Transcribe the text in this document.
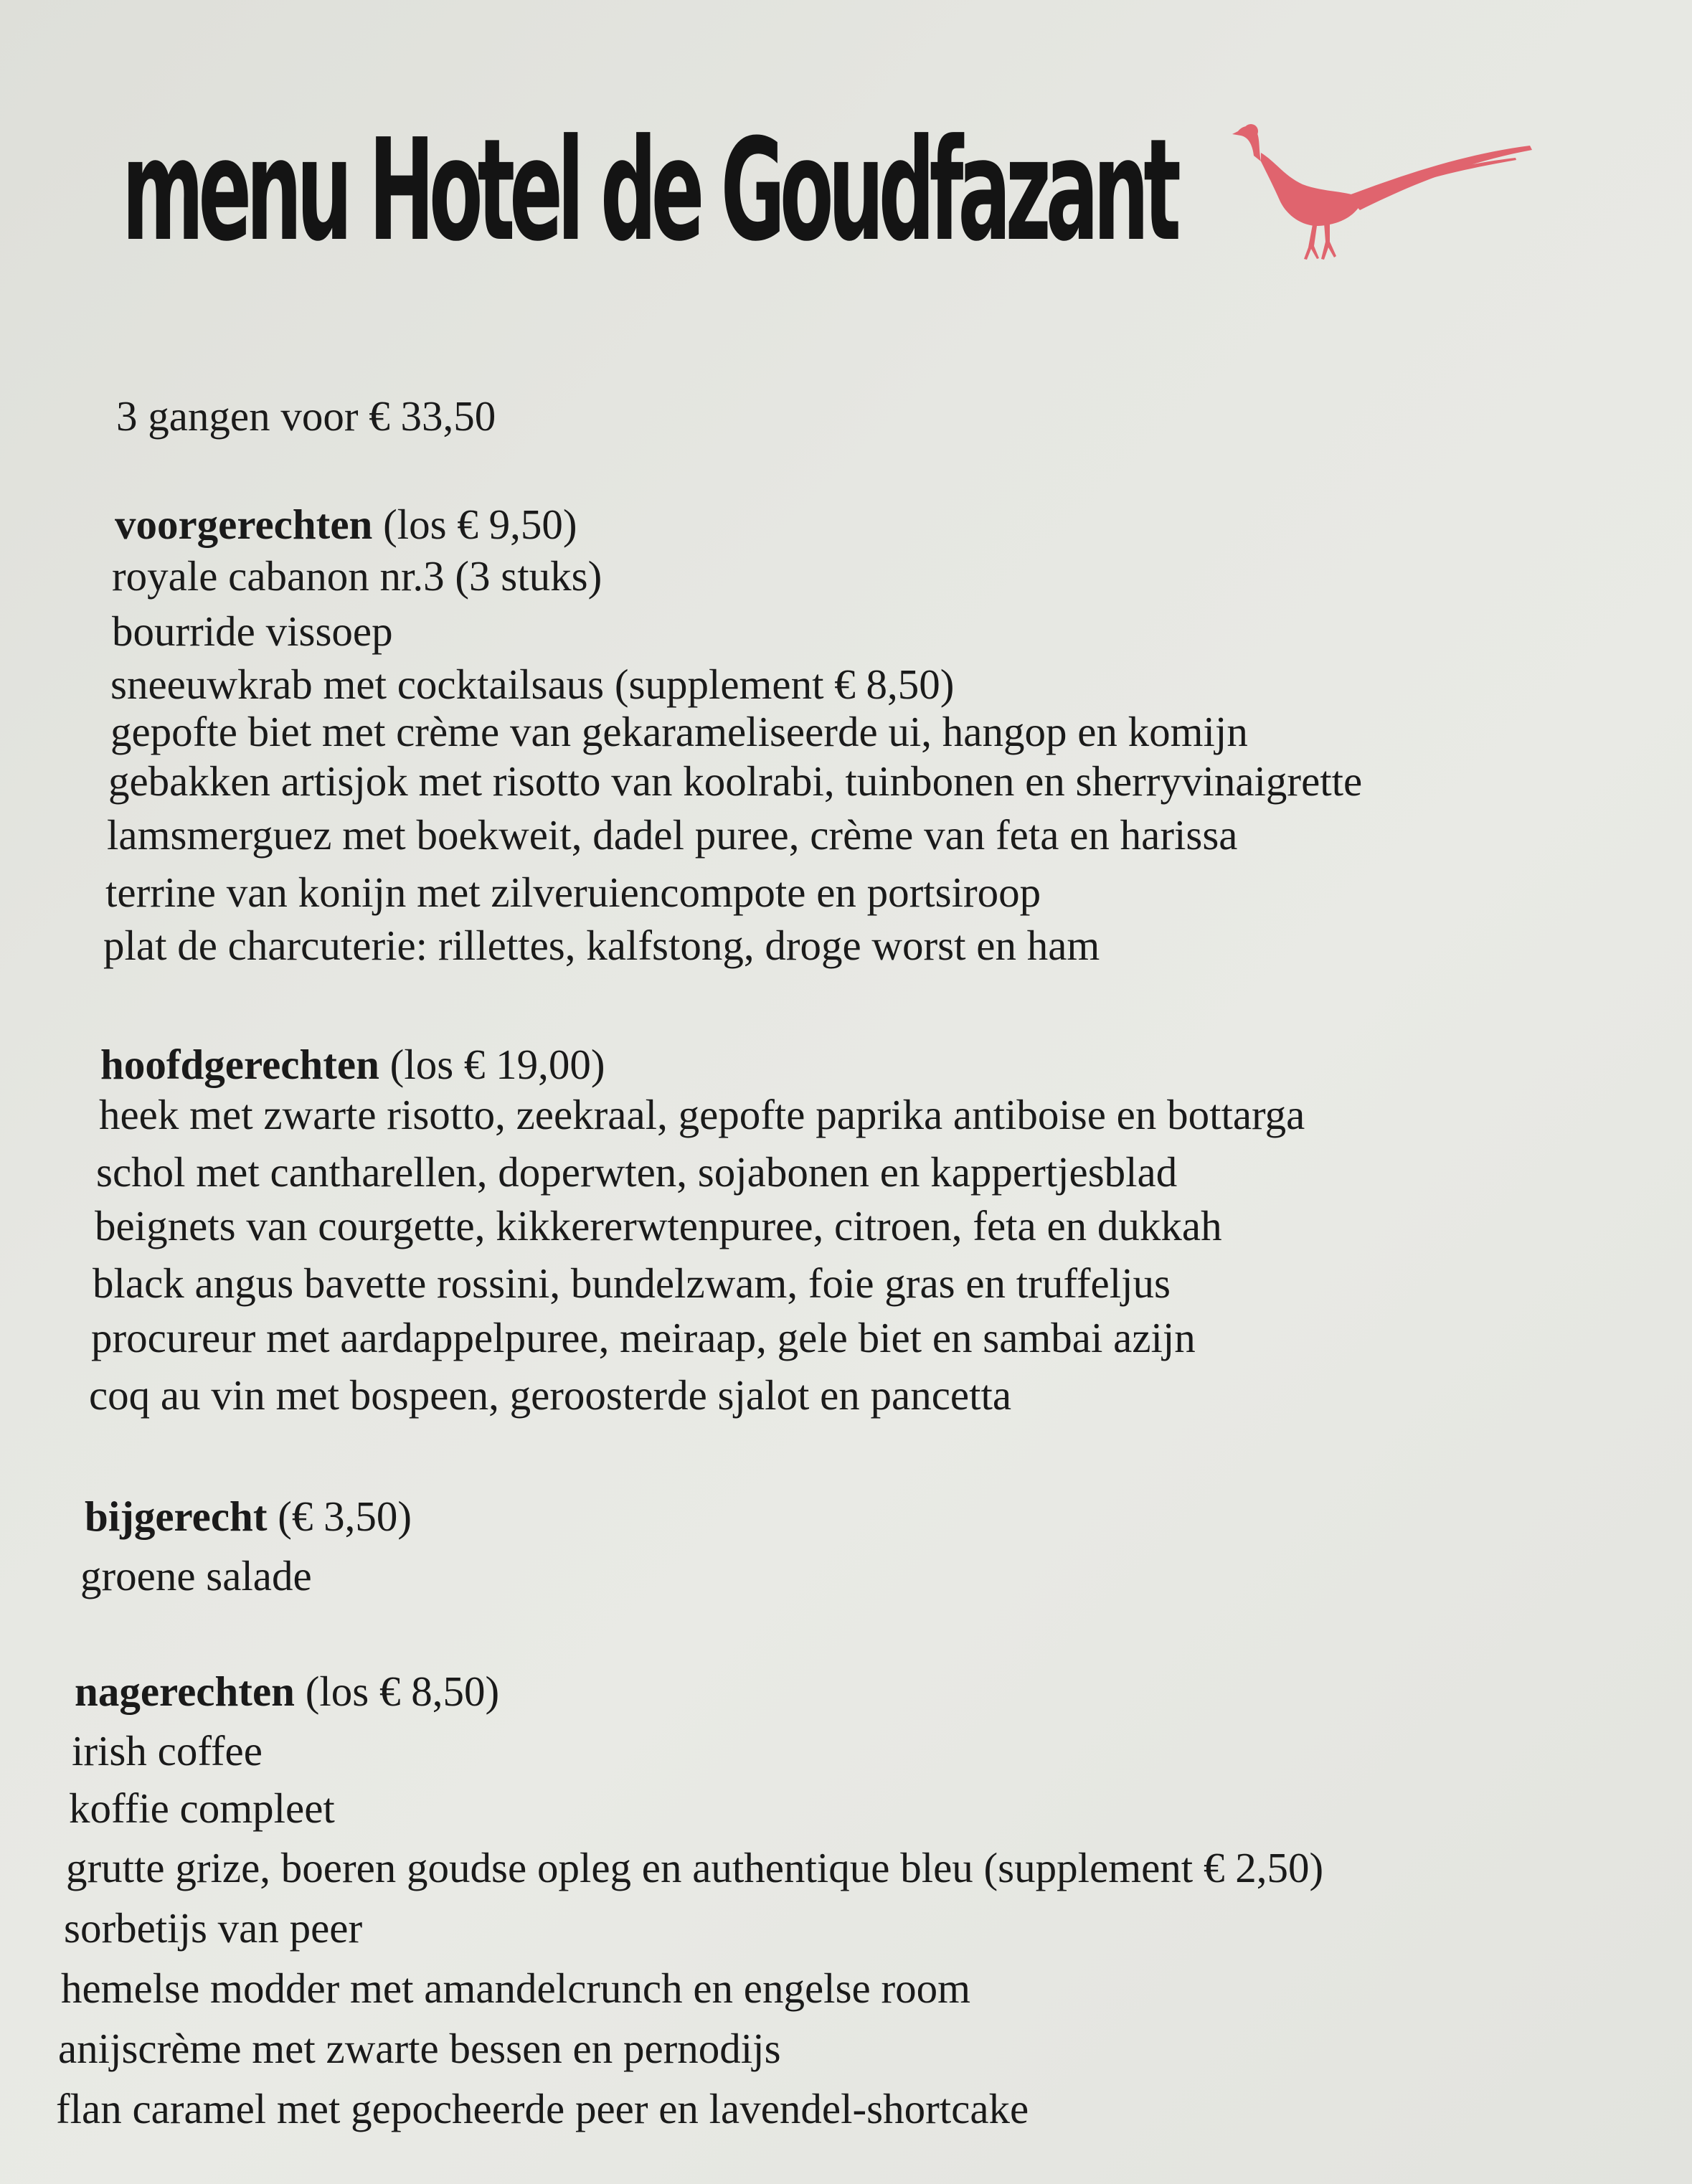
menu Hotel de Goudfazant

3 gangen voor € 33,50

voorgerechten (los € 9,50)

royale cabanon nr.3 (3 stuks)

bourride vissoep

sneeuwkrab met cocktailsaus (supplement € 8,50)

gepofte biet met crème van gekarameliseerde ui, hangop en komijn

gebakken artisjok met risotto van koolrabi, tuinbonen en sherryvinaigrette

lamsmerguez met boekweit, dadel puree, crème van feta en harissa

terrine van konijn met zilveruiencompote en portsiroop

plat de charcuterie: rillettes, kalfstong, droge worst en ham

hoofdgerechten (los € 19,00)

heek met zwarte risotto, zeekraal, gepofte paprika antiboise en bottarga

schol met cantharellen, doperwten, sojabonen en kappertjesblad

beignets van courgette, kikkererwtenpuree, citroen, feta en dukkah

black angus bavette rossini, bundelzwam, foie gras en truffeljus

procureur met aardappelpuree, meiraap, gele biet en sambai azijn

coq au vin met bospeen, geroosterde sjalot en pancetta

bijgerecht (€ 3,50)

groene salade

nagerechten (los € 8,50)

irish coffee

koffie compleet

grutte grize, boeren goudse opleg en authentique bleu (supplement € 2,50)

sorbetijs van peer

hemelse modder met amandelcrunch en engelse room

anijscrème met zwarte bessen en pernodijs

flan caramel met gepocheerde peer en lavendel-shortcake
